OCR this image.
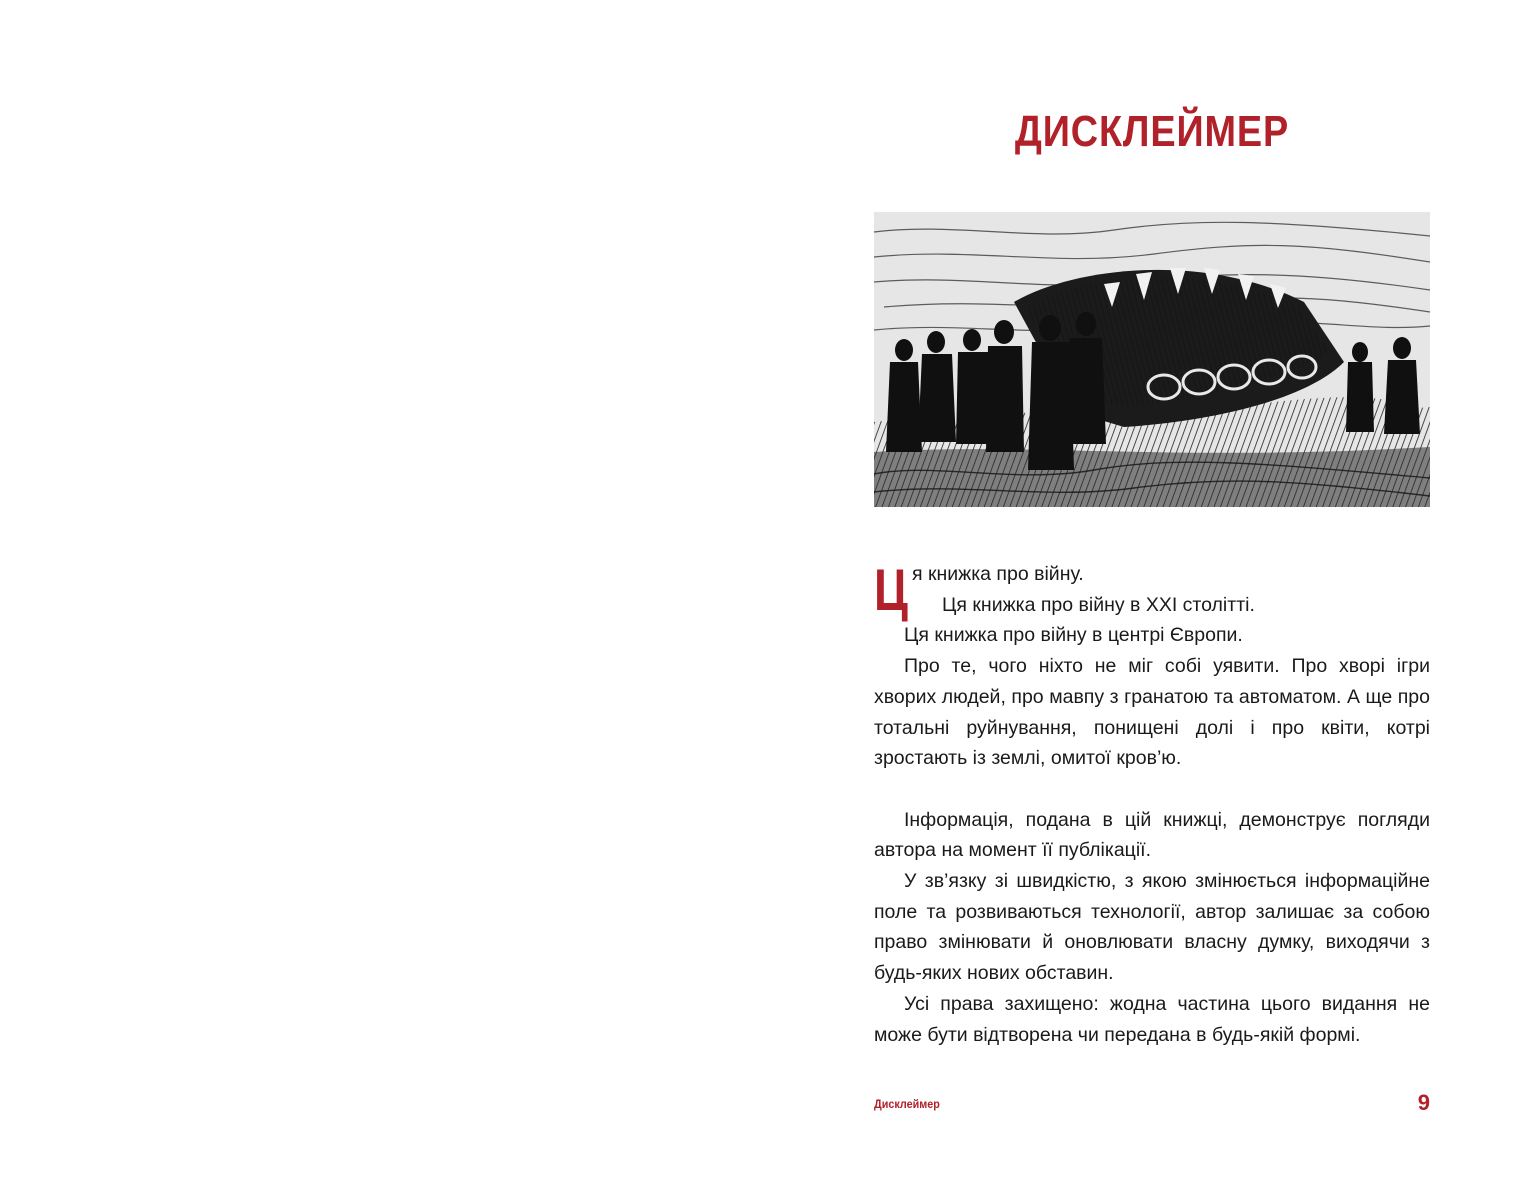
ДИСКЛЕЙМЕР
Ц я книжка про війну.

Ця книжка про війну в XXI столітті.

Ця книжка про війну в центрі Європи.

Про те, чого ніхто не міг собі уявити. Про хворі ігри хворих людей, про мавпу з гранатою та автоматом. А ще про тотальні руйнування, понищені долі і про квіти, котрі зростають із землі, омитої кров’ю.

Інформація, подана в цій книжці, демонструє погляди автора на момент її публікації.

У зв’язку зі швидкістю, з якою змінюється інформаційне поле та розвиваються технології, автор залишає за собою право змінювати й оновлювати власну думку, виходячи з будь-яких нових обставин.

Усі права захищено: жодна частина цього видання не може бути відтворена чи передана в будь-якій формі.

Дисклеймер	9
